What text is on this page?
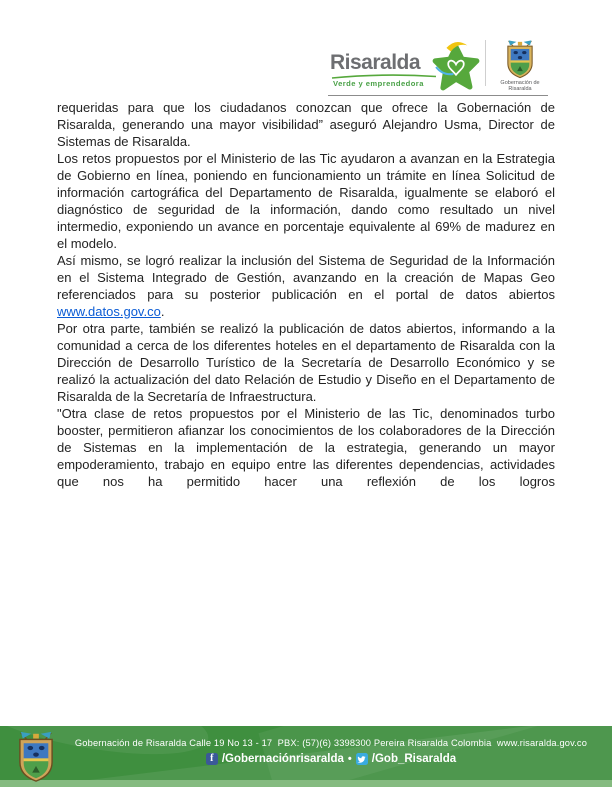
Risaralda
Verde y emprendedora	Gobernación de
Risaralda

requeridas para que los ciudadanos conozcan que ofrece la Gobernación de Risaralda, generando una mayor visibilidad” aseguró Alejandro Usma, Director de Sistemas de Risaralda.

Los retos propuestos por el Ministerio de las Tic ayudaron a avanzan en la Estrategia de Gobierno en línea, poniendo en funcionamiento un trámite en línea Solicitud de información cartográfica del Departamento de Risaralda, igualmente se elaboró el diagnóstico de seguridad de la información, dando como resultado un nivel intermedio, exponiendo un avance en porcentaje equivalente al 69% de madurez en el modelo.

Así mismo, se logró realizar la inclusión del Sistema de Seguridad de la Información en el Sistema Integrado de Gestión, avanzando en la creación de Mapas Geo referenciados para su posterior publicación en el portal de datos abiertos www.datos.gov.co.

Por otra parte, también se realizó la publicación de datos abiertos, informando a la comunidad a cerca de los diferentes hoteles en el departamento de Risaralda con la Dirección de Desarrollo Turístico de la Secretaría de Desarrollo Económico y se realizó la actualización del dato Relación de Estudio y Diseño en el Departamento de Risaralda de la Secretaría de Infraestructura.

"Otra clase de retos propuestos por el Ministerio de las Tic, denominados turbo booster, permitieron afianzar los conocimientos de los colaboradores de la Dirección de Sistemas en la implementación de la estrategia, generando un mayor empoderamiento, trabajo en equipo entre las diferentes dependencias, actividades que nos ha permitido hacer una reflexión de los logros

Gobernación de Risaralda Calle 19 No 13 - 17  PBX: (57)(6) 3398300 Pereira Risaralda Colombia  www.risaralda.gov.co
f /Gobernaciónrisaralda • /Gob_Risaralda
